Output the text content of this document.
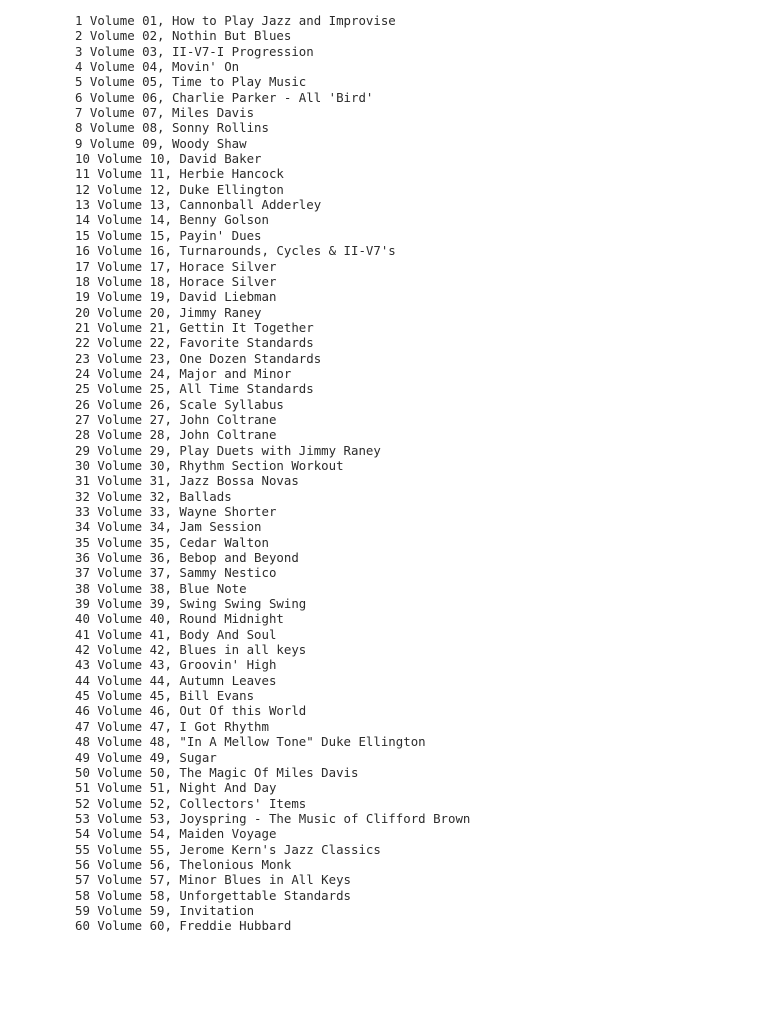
1 Volume 01, How to Play Jazz and Improvise
2 Volume 02, Nothin But Blues
3 Volume 03, II-V7-I Progression
4 Volume 04, Movin' On
5 Volume 05, Time to Play Music
6 Volume 06, Charlie Parker - All 'Bird'
7 Volume 07, Miles Davis
8 Volume 08, Sonny Rollins
9 Volume 09, Woody Shaw
10 Volume 10, David Baker
11 Volume 11, Herbie Hancock
12 Volume 12, Duke Ellington
13 Volume 13, Cannonball Adderley
14 Volume 14, Benny Golson
15 Volume 15, Payin' Dues
16 Volume 16, Turnarounds, Cycles & II-V7's
17 Volume 17, Horace Silver
18 Volume 18, Horace Silver
19 Volume 19, David Liebman
20 Volume 20, Jimmy Raney
21 Volume 21, Gettin It Together
22 Volume 22, Favorite Standards
23 Volume 23, One Dozen Standards
24 Volume 24, Major and Minor
25 Volume 25, All Time Standards
26 Volume 26, Scale Syllabus
27 Volume 27, John Coltrane
28 Volume 28, John Coltrane
29 Volume 29, Play Duets with Jimmy Raney
30 Volume 30, Rhythm Section Workout
31 Volume 31, Jazz Bossa Novas
32 Volume 32, Ballads
33 Volume 33, Wayne Shorter
34 Volume 34, Jam Session
35 Volume 35, Cedar Walton
36 Volume 36, Bebop and Beyond
37 Volume 37, Sammy Nestico
38 Volume 38, Blue Note
39 Volume 39, Swing Swing Swing
40 Volume 40, Round Midnight
41 Volume 41, Body And Soul
42 Volume 42, Blues in all keys
43 Volume 43, Groovin' High
44 Volume 44, Autumn Leaves
45 Volume 45, Bill Evans
46 Volume 46, Out Of this World
47 Volume 47, I Got Rhythm
48 Volume 48, "In A Mellow Tone" Duke Ellington
49 Volume 49, Sugar
50 Volume 50, The Magic Of Miles Davis
51 Volume 51, Night And Day
52 Volume 52, Collectors' Items
53 Volume 53, Joyspring - The Music of Clifford Brown
54 Volume 54, Maiden Voyage
55 Volume 55, Jerome Kern's Jazz Classics
56 Volume 56, Thelonious Monk
57 Volume 57, Minor Blues in All Keys
58 Volume 58, Unforgettable Standards
59 Volume 59, Invitation
60 Volume 60, Freddie Hubbard
